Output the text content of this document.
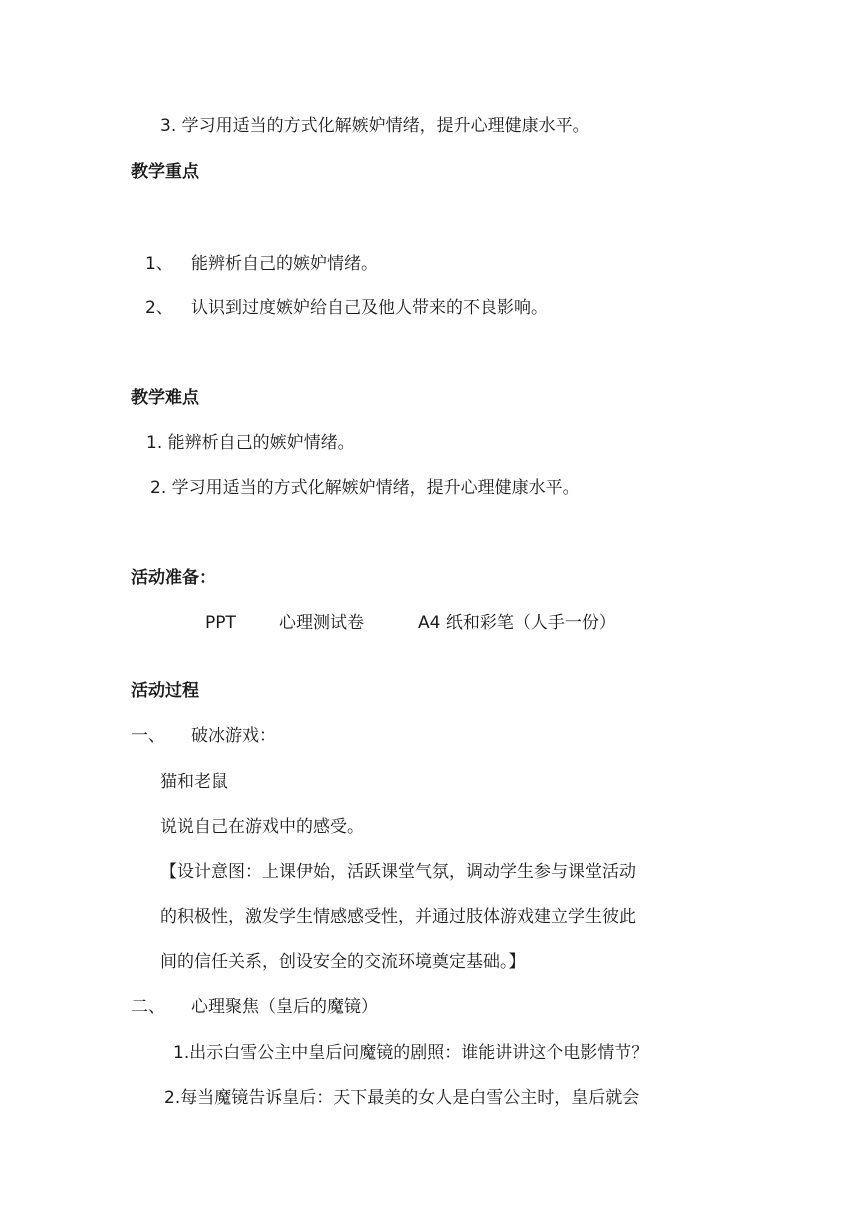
3. 学习用适当的方式化解嫉妒情绪，提升心理健康水平。
教学重点
1、 能辨析自己的嫉妒情绪。
2、 认识到过度嫉妒给自己及他人带来的不良影响。
教学难点
1. 能辨析自己的嫉妒情绪。
2. 学习用适当的方式化解嫉妒情绪，提升心理健康水平。
活动准备：
PPT	心理测试卷	A4 纸和彩笔（人手一份）
活动过程
一、 破冰游戏：
猫和老鼠
说说自己在游戏中的感受。
【设计意图：上课伊始，活跃课堂气氛，调动学生参与课堂活动
的积极性，激发学生情感感受性，并通过肢体游戏建立学生彼此
间的信任关系，创设安全的交流环境奠定基础。】
二、 心理聚焦（皇后的魔镜）
1.出示白雪公主中皇后问魔镜的剧照：谁能讲讲这个电影情节？
2.每当魔镜告诉皇后：天下最美的女人是白雪公主时，皇后就会
